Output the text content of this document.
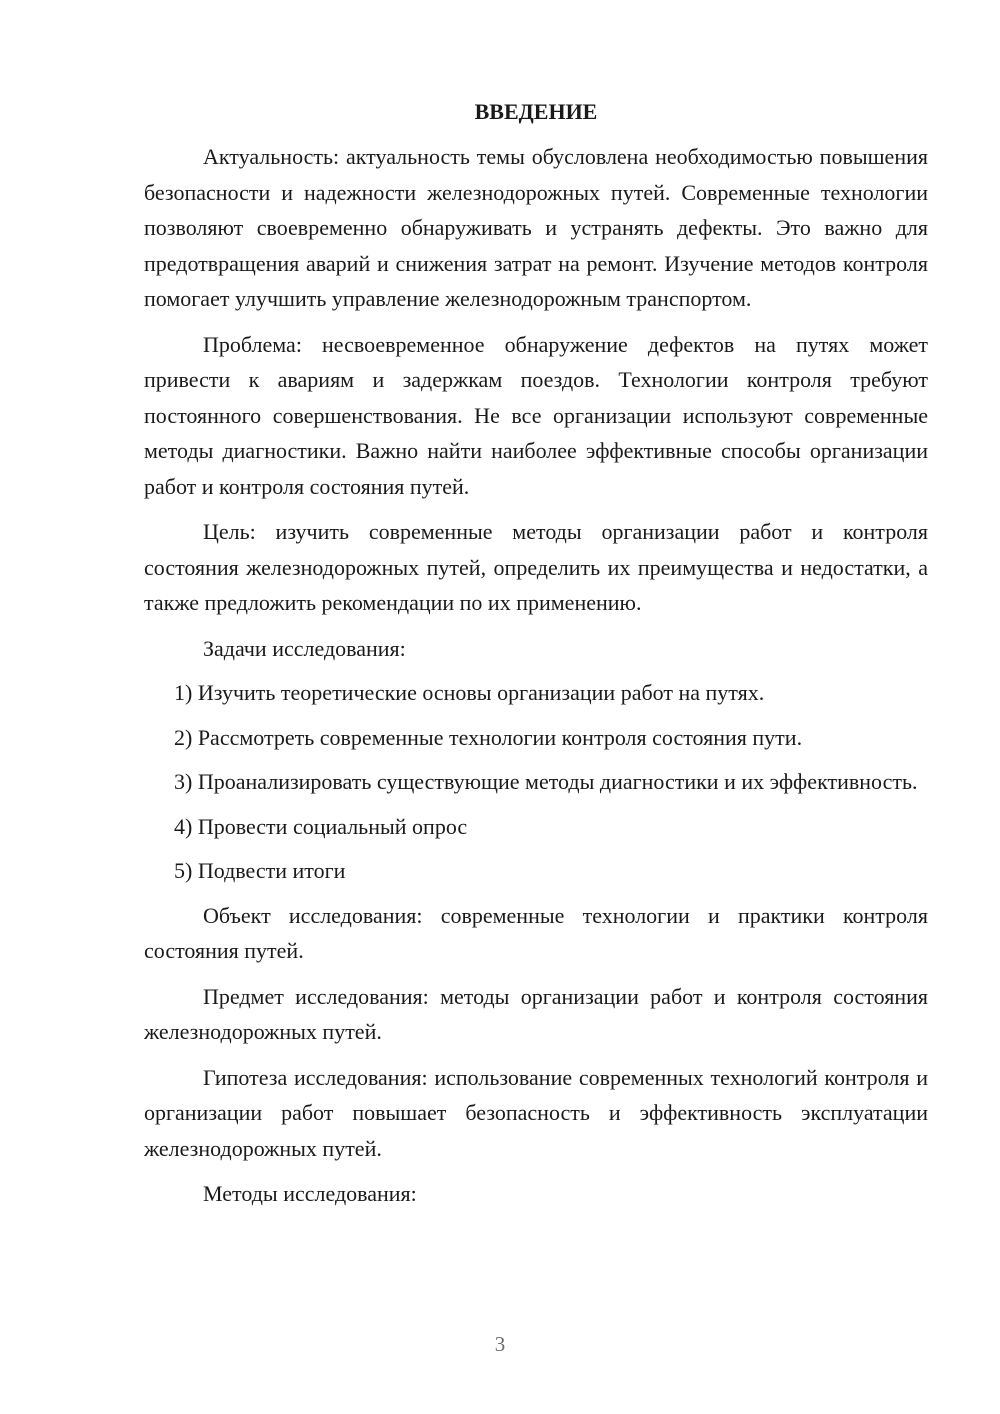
ВВЕДЕНИЕ

Актуальность: актуальность темы обусловлена необходимостью повышения безопасности и надежности железнодорожных путей. Современные технологии позволяют своевременно обнаруживать и устранять дефекты. Это важно для предотвращения аварий и снижения затрат на ремонт. Изучение методов контроля помогает улучшить управление железнодорожным транспортом.

Проблема: несвоевременное обнаружение дефектов на путях может привести к авариям и задержкам поездов. Технологии контроля требуют постоянного совершенствования. Не все организации используют современные методы диагностики. Важно найти наиболее эффективные способы организации работ и контроля состояния путей.

Цель: изучить современные методы организации работ и контроля состояния железнодорожных путей, определить их преимущества и недостатки, а также предложить рекомендации по их применению.

Задачи исследования:

1) Изучить теоретические основы организации работ на путях.

2) Рассмотреть современные технологии контроля состояния пути.

3) Проанализировать существующие методы диагностики и их эффективность.

4) Провести социальный опрос

5) Подвести итоги

Объект исследования: современные технологии и практики контроля состояния путей.

Предмет исследования: методы организации работ и контроля состояния железнодорожных путей.

Гипотеза исследования: использование современных технологий контроля и организации работ повышает безопасность и эффективность эксплуатации железнодорожных путей.

Методы исследования:

3
